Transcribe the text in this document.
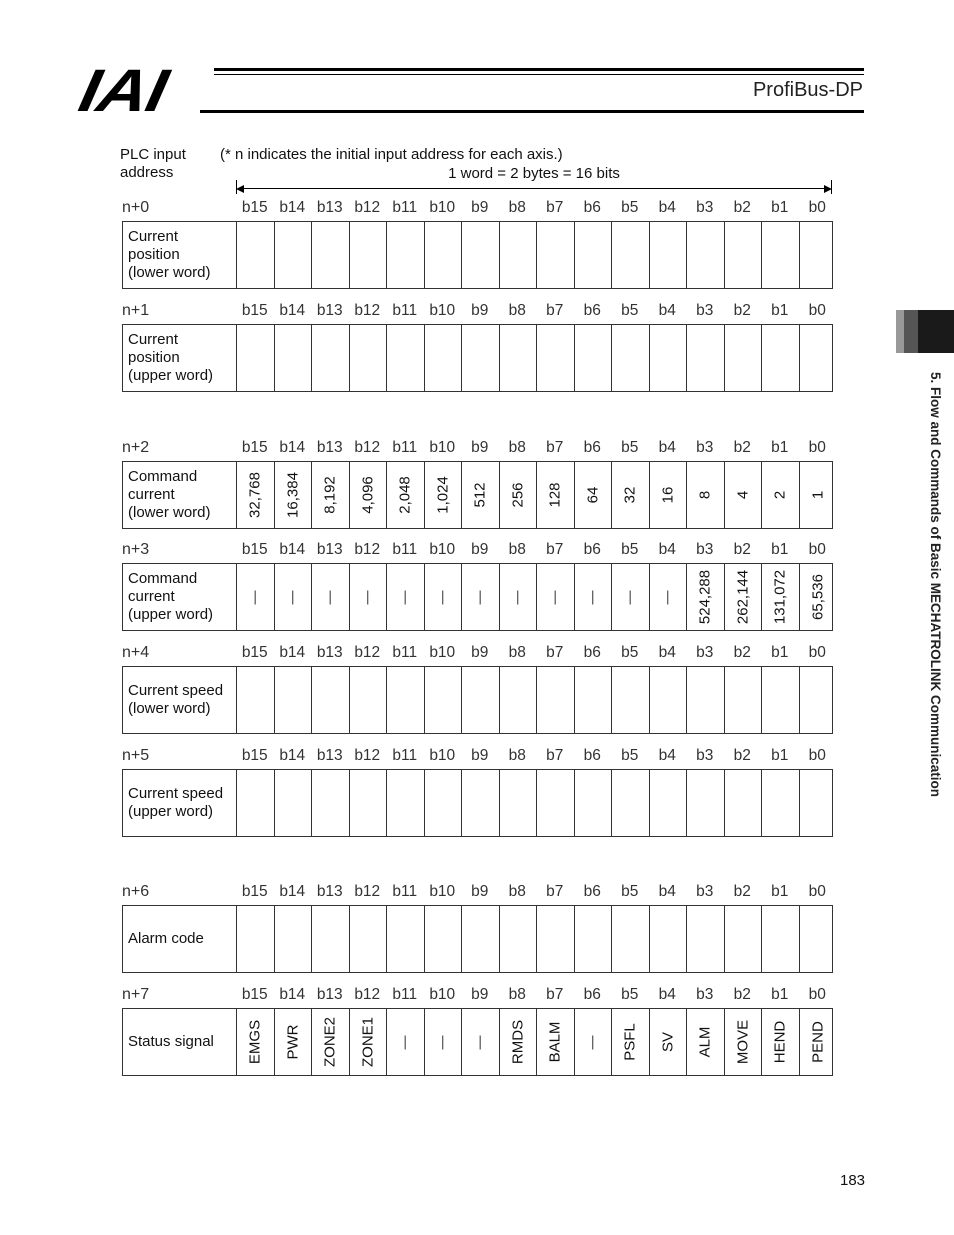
IAI	ProfiBus-DP
5. Flow and Commands of Basic MECHATROLINK Communication
PLC input
address
(* n indicates the initial input address for each axis.)
1 word = 2 bytes = 16 bits
n+0	b15 b14 b13 b12 b11 b10	b9	b8	b7	b6	b5	b4	b3	b2	b1	b0
Current
position
(lower word)
n+1	b15 b14 b13 b12 b11 b10	b9	b8	b7	b6	b5	b4	b3	b2	b1	b0
Current
position
(upper word)
n+2	b15 b14 b13 b12 b11 b10	b9	b8	b7	b6	b5	b4	b3	b2	b1	b0
Command
current
(lower word) 32,768 16,384 8,192 4,096 2,048 1,024 512 256 128 64 32 16 8 4 2 1
n+3	b15 b14 b13 b12 b11 b10	b9	b8	b7	b6	b5	b4	b3	b2	b1	b0
Command
current
(upper word)
| | | | | | | | | | | | 524,288 262,144 131,072 65,536
n+4	b15 b14 b13 b12 b11 b10	b9	b8	b7	b6	b5	b4	b3	b2	b1	b0
Current speed
(lower word)
n+5	b15 b14 b13 b12 b11 b10	b9	b8	b7	b6	b5	b4	b3	b2	b1	b0
Current speed
(upper word)
n+6	b15 b14 b13 b12 b11 b10	b9	b8	b7	b6	b5	b4	b3	b2	b1	b0
Alarm code
n+7	b15 b14 b13 b12 b11 b10	b9	b8	b7	b6	b5	b4	b3	b2	b1	b0
Status signal EMGS PWR ZONE2 ZONE1 | | | RMDS BALM | PSFL SV ALM MOVE HEND PEND
183
